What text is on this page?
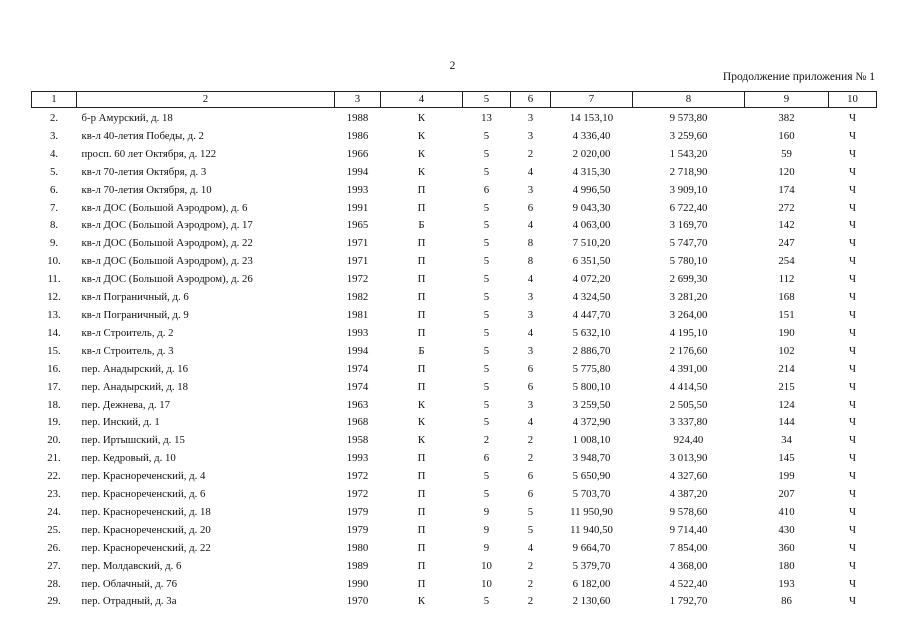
2
Продолжение приложения № 1
1	2	3	4	5	6	7	8	9	10
2.	б-р Амурский, д. 18	1988	К	13	3	14 153,10	9 573,80	382	Ч
3.	кв-л 40-летия Победы, д. 2	1986	К	5	3	4 336,40	3 259,60	160	Ч
4.	просп. 60 лет Октября, д. 122	1966	К	5	2	2 020,00	1 543,20	59	Ч
5.	кв-л 70-летия Октября, д. 3	1994	К	5	4	4 315,30	2 718,90	120	Ч
6.	кв-л 70-летия Октября, д. 10	1993	П	6	3	4 996,50	3 909,10	174	Ч
7.	кв-л ДОС (Большой Аэродром), д. 6	1991	П	5	6	9 043,30	6 722,40	272	Ч
8.	кв-л ДОС (Большой Аэродром), д. 17	1965	Б	5	4	4 063,00	3 169,70	142	Ч
9.	кв-л ДОС (Большой Аэродром), д. 22	1971	П	5	8	7 510,20	5 747,70	247	Ч
10.	кв-л ДОС (Большой Аэродром), д. 23	1971	П	5	8	6 351,50	5 780,10	254	Ч
11.	кв-л ДОС (Большой Аэродром), д. 26	1972	П	5	4	4 072,20	2 699,30	112	Ч
12.	кв-л Пограничный, д. 6	1982	П	5	3	4 324,50	3 281,20	168	Ч
13.	кв-л Пограничный, д. 9	1981	П	5	3	4 447,70	3 264,00	151	Ч
14.	кв-л Строитель, д. 2	1993	П	5	4	5 632,10	4 195,10	190	Ч
15.	кв-л Строитель, д. 3	1994	Б	5	3	2 886,70	2 176,60	102	Ч
16.	пер. Анадырский, д. 16	1974	П	5	6	5 775,80	4 391,00	214	Ч
17.	пер. Анадырский, д. 18	1974	П	5	6	5 800,10	4 414,50	215	Ч
18.	пер. Дежнева, д. 17	1963	К	5	3	3 259,50	2 505,50	124	Ч
19.	пер. Инский, д. 1	1968	К	5	4	4 372,90	3 337,80	144	Ч
20.	пер. Иртышский, д. 15	1958	К	2	2	1 008,10	924,40	34	Ч
21.	пер. Кедровый, д. 10	1993	П	6	2	3 948,70	3 013,90	145	Ч
22.	пер. Краснореченский, д. 4	1972	П	5	6	5 650,90	4 327,60	199	Ч
23.	пер. Краснореченский, д. 6	1972	П	5	6	5 703,70	4 387,20	207	Ч
24.	пер. Краснореченский, д. 18	1979	П	9	5	11 950,90	9 578,60	410	Ч
25.	пер. Краснореченский, д. 20	1979	П	9	5	11 940,50	9 714,40	430	Ч
26.	пер. Краснореченский, д. 22	1980	П	9	4	9 664,70	7 854,00	360	Ч
27.	пер. Молдавский, д. 6	1989	П	10	2	5 379,70	4 368,00	180	Ч
28.	пер. Облачный, д. 76	1990	П	10	2	6 182,00	4 522,40	193	Ч
29.	пер. Отрадный, д. 3а	1970	К	5	2	2 130,60	1 792,70	86	Ч
